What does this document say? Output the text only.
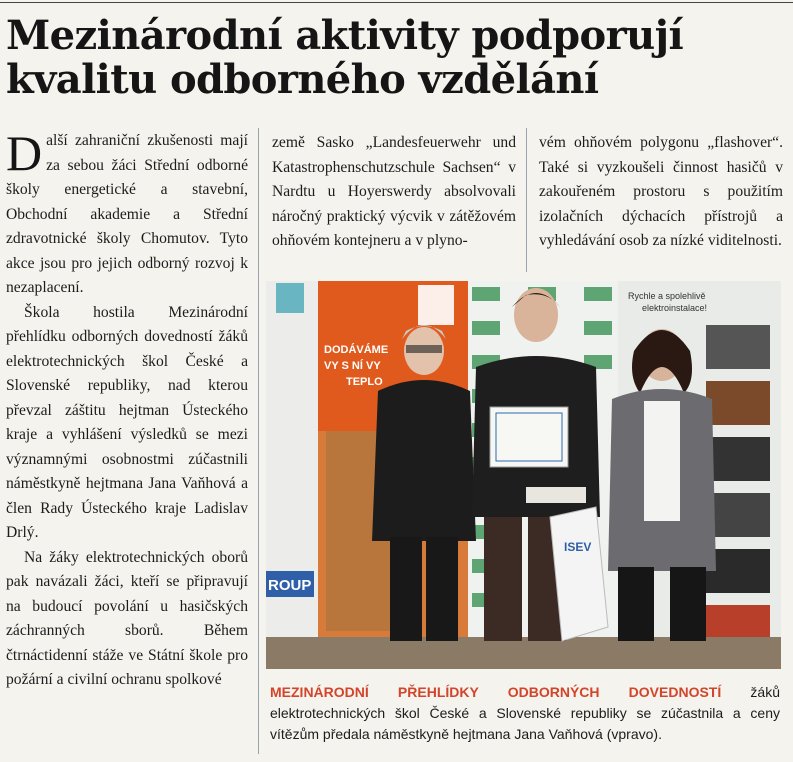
Mezinárodní aktivity podporují
kvalitu odborného vzdělání

Další zahraniční zkušenosti mají za sebou žáci Střední odborné školy energetické a stavební, Obchodní akademie a Střední zdravotnické školy Chomutov. Tyto akce jsou pro jejich odborný rozvoj k nezaplacení.

Škola hostila Mezinárodní přehlídku odborných dovedností žáků elektrotechnických škol České a Slovenské republiky, nad kterou převzal záštitu hejtman Ústeckého kraje a vyhlášení výsledků se mezi významnými osobnostmi zúčastnili náměstkyně hejtmana Jana Vaňhová a člen Rady Ústeckého kraje Ladislav Drlý.

Na žáky elektrotechnických oborů pak navázali žáci, kteří se připravují na budoucí povolání u hasičských záchranných sborů. Během čtrnáctidenní stáže ve Státní škole pro požární a civilní ochranu spolkové

země Sasko „Landesfeuerwehr und Katastrophenschutzschule Sachsen“ v Nardtu u Hoyerswerdy absolvovali náročný praktický výcvik v zátěžovém ohňovém kontejneru a v plyno-

vém ohňovém polygonu „flashover“. Také si vyzkoušeli činnost hasičů v zakouřeném prostoru s použitím izolačních dýchacích přístrojů a vyhledávání osob za nízké viditelnosti.

ROUP
DODÁVÁME
VY S NÍ VY
TEPLO
Rychle a spolehlivě
elektroinstalace!
ISEV
MEZINÁRODNÍ PŘEHLÍDKY ODBORNÝCH DOVEDNOSTÍ žáků elektrotechnických škol České a Slovenské republiky se zúčastnila a ceny vítězům předala náměstkyně hejtmana Jana Vaňhová (vpravo).
